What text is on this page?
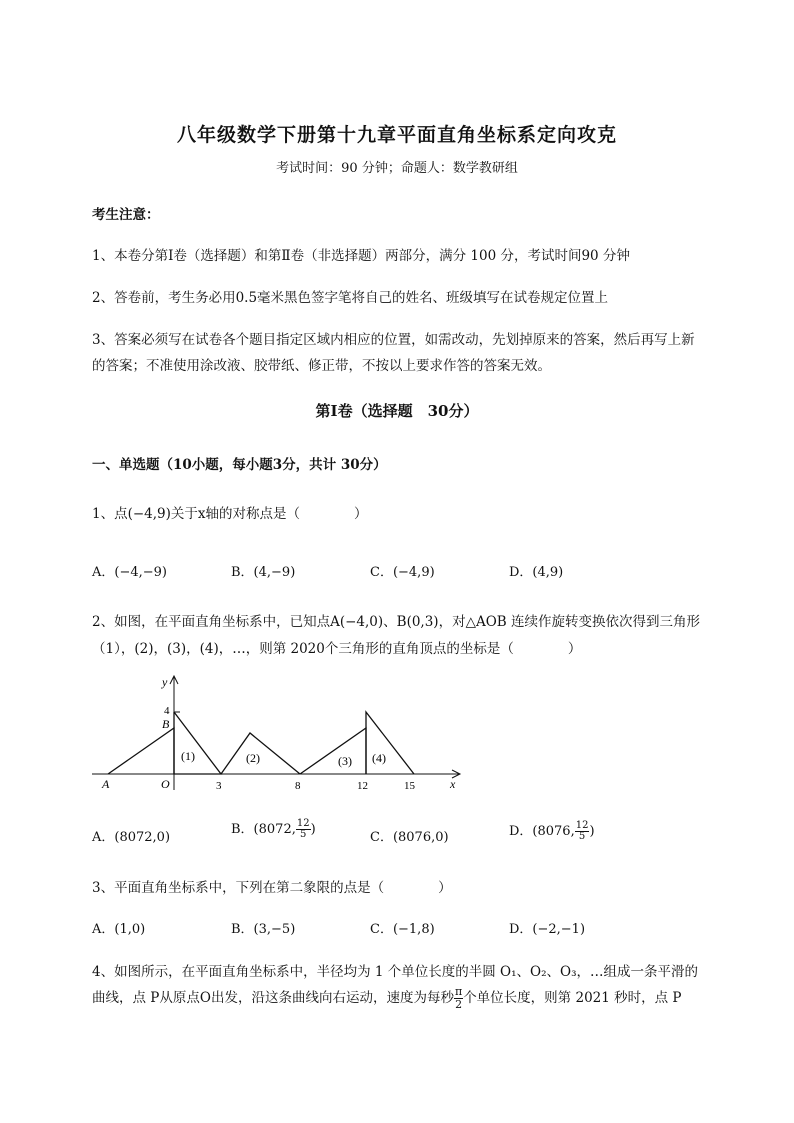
八年级数学下册第十九章平面直角坐标系定向攻克
考试时间：90 分钟；命题人：数学教研组
考生注意：
1、本卷分第Ⅰ卷（选择题）和第Ⅱ卷（非选择题）两部分，满分 100 分，考试时间90 分钟
2、答卷前，考生务必用0.5毫米黑色签字笔将自己的姓名、班级填写在试卷规定位置上
3、答案必须写在试卷各个题目指定区域内相应的位置，如需改动，先划掉原来的答案，然后再写上新
的答案；不准使用涂改液、胶带纸、修正带，不按以上要求作答的答案无效。
第Ⅰ卷（选择题　30分）
一、单选题（10小题，每小题3分，共计 30分）
1、点(−4,9)关于x轴的对称点是（　　　　）
A．(−4,−9)	B．(4,−9)	C．(−4,9)	D．(4,9)
2、如图，在平面直角坐标系中，已知点A(−4,0)、B(0,3)，对△AOB 连续作旋转变换依次得到三角形
（1），(2)，(3)，(4)，…，则第 2020个三角形的直角顶点的坐标是（　　　　）
y
x
4
B
A	O	3	8	12	15
(1)	(2)	(3) (4)
A．(8072,0)
B．(8072, $\frac{12}{5}$ )
C．(8076,0)	D．(8076, $\frac{12}{5}$ )
3、平面直角坐标系中，下列在第二象限的点是（　　　　）
A．(1,0)	B．(3,−5)	C．(−1,8)	D．(−2,−1)
4、如图所示，在平面直角坐标系中，半径均为 1 个单位长度的半圆 O₁、O₂、O₃，…组成一条平滑的
曲线，点 P从原点O出发，沿这条曲线向右运动，速度为每秒 $\frac{\pi}{2}$ 个单位长度，则第 2021 秒时，点 P
